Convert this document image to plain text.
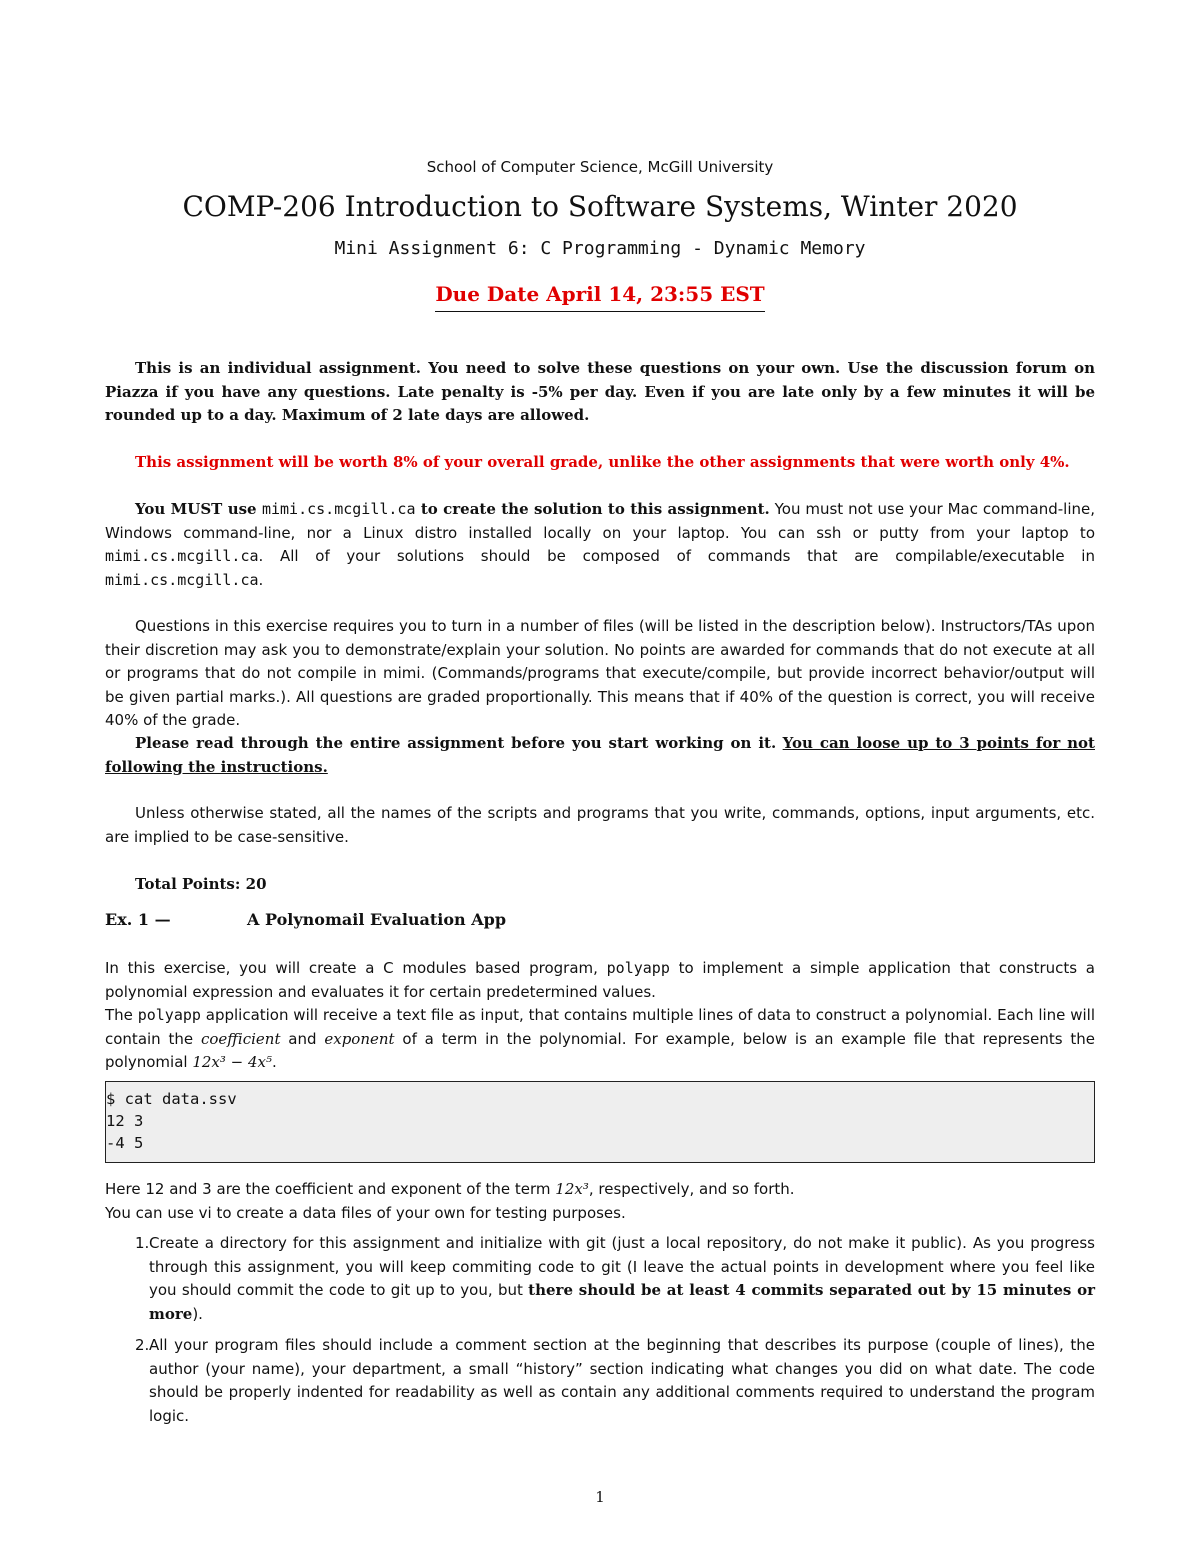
School of Computer Science, McGill University
COMP-206 Introduction to Software Systems, Winter 2020
Mini Assignment 6: C Programming - Dynamic Memory
Due Date April 14, 23:55 EST
This is an individual assignment. You need to solve these questions on your own. Use the discussion forum on Piazza if you have any questions. Late penalty is -5% per day. Even if you are late only by a few minutes it will be rounded up to a day. Maximum of 2 late days are allowed.
This assignment will be worth 8% of your overall grade, unlike the other assignments that were worth only 4%.
You MUST use mimi.cs.mcgill.ca to create the solution to this assignment. You must not use your Mac command-line, Windows command-line, nor a Linux distro installed locally on your laptop. You can ssh or putty from your laptop to mimi.cs.mcgill.ca. All of your solutions should be composed of commands that are compilable/executable in mimi.cs.mcgill.ca.
Questions in this exercise requires you to turn in a number of files (will be listed in the description below). Instructors/TAs upon their discretion may ask you to demonstrate/explain your solution. No points are awarded for commands that do not execute at all or programs that do not compile in mimi. (Commands/programs that execute/compile, but provide incorrect behavior/output will be given partial marks.). All questions are graded proportionally. This means that if 40% of the question is correct, you will receive 40% of the grade.
Please read through the entire assignment before you start working on it. You can loose up to 3 points for not following the instructions.
Unless otherwise stated, all the names of the scripts and programs that you write, commands, options, input arguments, etc. are implied to be case-sensitive.
Total Points: 20
Ex. 1 —	A Polynomail Evaluation App
In this exercise, you will create a C modules based program, polyapp to implement a simple application that constructs a polynomial expression and evaluates it for certain predetermined values.
The polyapp application will receive a text file as input, that contains multiple lines of data to construct a polynomial. Each line will contain the coefficient and exponent of a term in the polynomial. For example, below is an example file that represents the polynomial 12x³ − 4x⁵.
$ cat data.ssv
12 3
-4 5
Here 12 and 3 are the coefficient and exponent of the term 12x³, respectively, and so forth.
You can use vi to create a data files of your own for testing purposes.
1. Create a directory for this assignment and initialize with git (just a local repository, do not make it public). As you progress through this assignment, you will keep commiting code to git (I leave the actual points in development where you feel like you should commit the code to git up to you, but there should be at least 4 commits separated out by 15 minutes or more).
2. All your program files should include a comment section at the beginning that describes its purpose (couple of lines), the author (your name), your department, a small “history” section indicating what changes you did on what date. The code should be properly indented for readability as well as contain any additional comments required to understand the program logic.
1
